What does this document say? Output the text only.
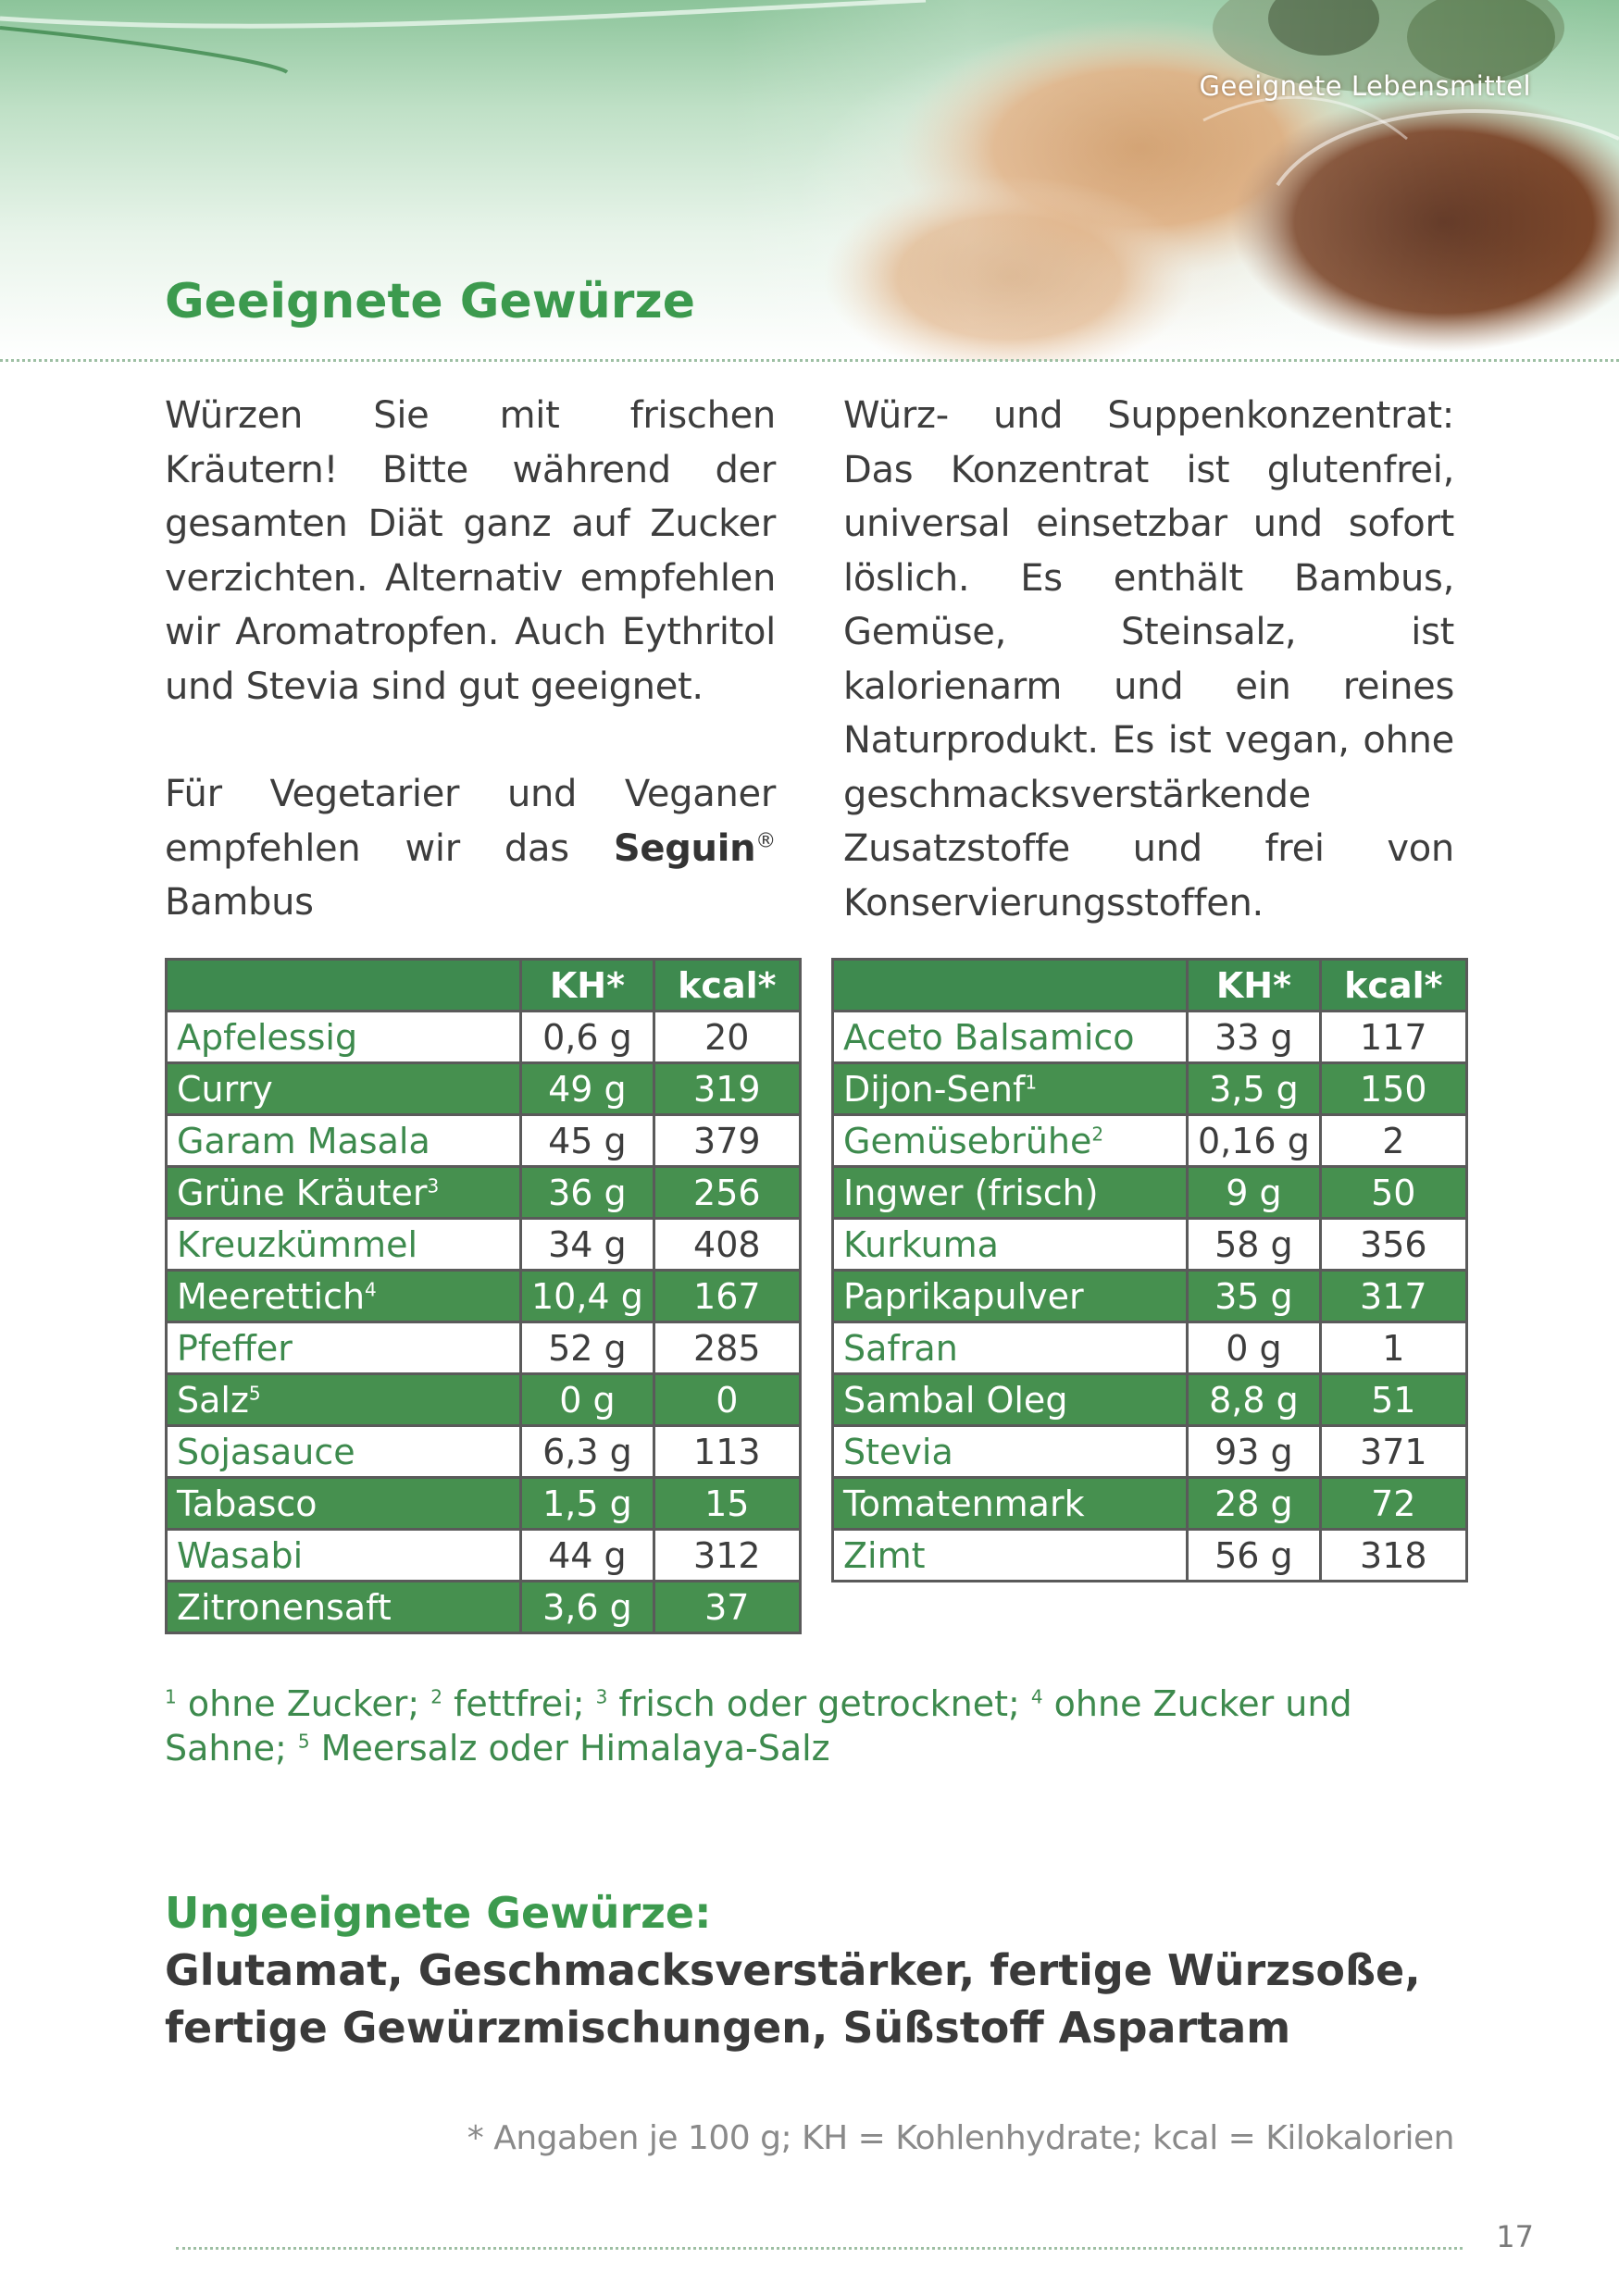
Geeignete Lebensmittel
Geeignete Gewürze

Würzen Sie mit frischen Kräutern! Bitte während der gesamten Diät ganz auf Zucker verzichten. Alternativ empfehlen wir Aromatropfen. Auch Eythritol und Stevia sind gut geeignet.

Für Vegetarier und Veganer empfehlen wir das Seguin® Bambus

Würz- und Suppenkonzentrat: Das Konzentrat ist glutenfrei, universal einsetzbar und sofort löslich. Es enthält Bambus, Gemüse, Steinsalz, ist kalorienarm und ein reines Naturprodukt. Es ist vegan, ohne geschmacksverstärkende Zusatzstoffe und frei von Konservierungsstoffen.

	KH*	kcal*
Apfelessig	0,6 g	20
Curry	49 g	319
Garam Masala	45 g	379
Grüne Kräuter$^3$	36 g	256
Kreuzkümmel	34 g	408
Meerettich$^4$	10,4 g	167
Pfeffer	52 g	285
Salz$^5$	0 g	0
Sojasauce	6,3 g	113
Tabasco	1,5 g	15
Wasabi	44 g	312
Zitronensaft	3,6 g	37
	KH*	kcal*
Aceto Balsamico	33 g	117
Dijon-Senf$^1$	3,5 g	150
Gemüsebrühe$^2$	0,16 g	2
Ingwer (frisch)	9 g	50
Kurkuma	58 g	356
Paprikapulver	35 g	317
Safran	0 g	1
Sambal Oleg	8,8 g	51
Stevia	93 g	371
Tomatenmark	28 g	72
Zimt	56 g	318
$^1$ ohne Zucker; $^2$ fettfrei; $^3$ frisch oder getrocknet; $^4$ ohne Zucker und Sahne; $^5$ Meersalz oder Himalaya-Salz
Ungeeignete Gewürze:
Glutamat, Geschmacksverstärker, fertige Würzsoße,
fertige Gewürzmischungen, Süßstoff Aspartam
* Angaben je 100 g; KH = Kohlenhydrate; kcal = Kilokalorien
17
